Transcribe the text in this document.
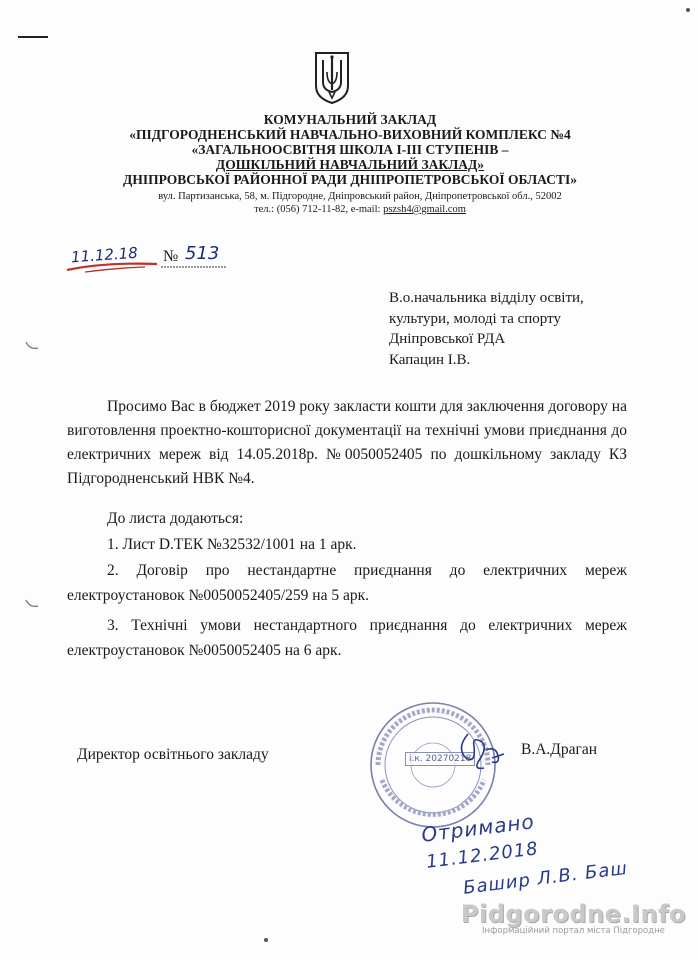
КОМУНАЛЬНИЙ ЗАКЛАД
«ПІДГОРОДНЕНСЬКИЙ НАВЧАЛЬНО-ВИХОВНИЙ КОМПЛЕКС №4
«ЗАГАЛЬНООСВІТНЯ ШКОЛА І-ІІІ СТУПЕНІВ –
ДОШКІЛЬНИЙ НАВЧАЛЬНИЙ ЗАКЛАД»
ДНІПРОВСЬКОЇ РАЙОННОЇ РАДИ ДНІПРОПЕТРОВСЬКОЇ ОБЛАСТІ»
вул. Партизанська, 58, м. Підгородне, Дніпровський район, Дніпропетровської обл., 52002
тел.: (056) 712-11-82, e-mail: pszsh4@gmail.com
11.12.18 № 513
В.о.начальника відділу освіти,
культури, молоді та спорту
Дніпровської РДА
Капацин І.В.
Просимо Вас в бюджет 2019 року закласти кошти для заключення договору на виготовлення проектно-кошторисної документації на технічні умови приєднання до електричних мереж від 14.05.2018р. №0050052405 по дошкільному закладу КЗ Підгородненський НВК №4.
До листа додаються:
1. Лист D.ТЕК №32532/1001 на 1 арк.
2. Договір про нестандартне приєднання до електричних мереж
електроустановок №0050052405/259 на 5 арк.
3. Технічні умови нестандартного приєднання до електричних мереж
електроустановок №0050052405 на 6 арк.
Директор освітнього закладу	і.к. 20270218
В.А.Драган
Отримано
11.12.2018
Башир Л.В. Баш
Pidgorodne.Info
Інформаційний портал міста Підгородне
